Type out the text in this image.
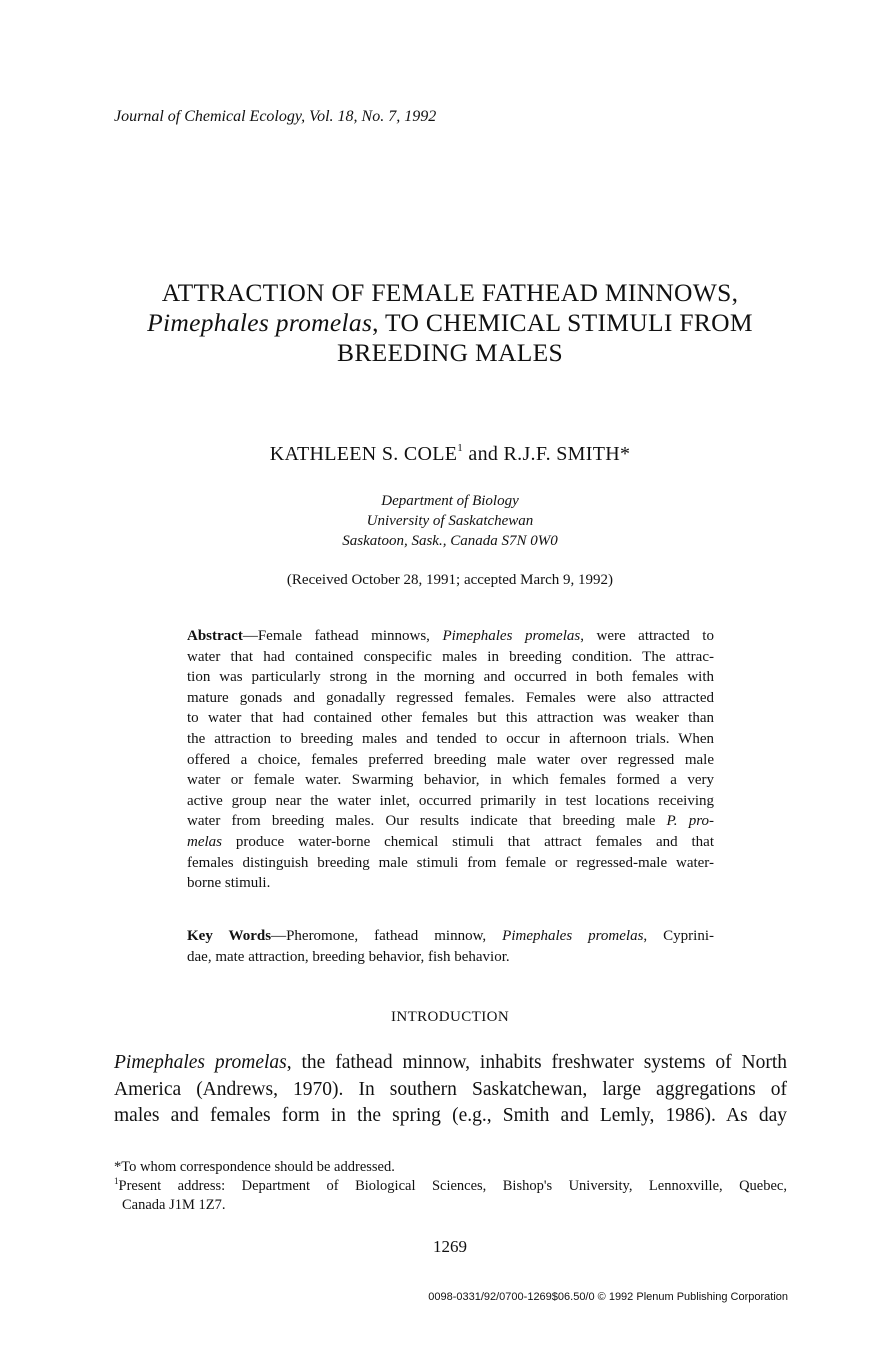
Journal of Chemical Ecology, Vol. 18, No. 7, 1992
ATTRACTION OF FEMALE FATHEAD MINNOWS,
Pimephales promelas, TO CHEMICAL STIMULI FROM
BREEDING MALES
KATHLEEN S. COLE$^1$ and R.J.F. SMITH*
Department of Biology
University of Saskatchewan
Saskatoon, Sask., Canada S7N 0W0
(Received October 28, 1991; accepted March 9, 1992)
Abstract—Female fathead minnows, Pimephales promelas, were attracted to
water that had contained conspecific males in breeding condition. The attrac-
tion was particularly strong in the morning and occurred in both females with
mature gonads and gonadally regressed females. Females were also attracted
to water that had contained other females but this attraction was weaker than
the attraction to breeding males and tended to occur in afternoon trials. When
offered a choice, females preferred breeding male water over regressed male
water or female water. Swarming behavior, in which females formed a very
active group near the water inlet, occurred primarily in test locations receiving
water from breeding males. Our results indicate that breeding male P. pro-
melas produce water-borne chemical stimuli that attract females and that
females distinguish breeding male stimuli from female or regressed-male water-
borne stimuli.
Key Words—Pheromone, fathead minnow, Pimephales promelas, Cyprini-
dae, mate attraction, breeding behavior, fish behavior.
INTRODUCTION
Pimephales promelas, the fathead minnow, inhabits freshwater systems of North
America (Andrews, 1970). In southern Saskatchewan, large aggregations of
males and females form in the spring (e.g., Smith and Lemly, 1986). As day
*To whom correspondence should be addressed.
$^1$Present address: Department of Biological Sciences, Bishop's University, Lennoxville, Quebec,
Canada J1M 1Z7.
1269
0098-0331/92/0700-1269$06.50/0 © 1992 Plenum Publishing Corporation
